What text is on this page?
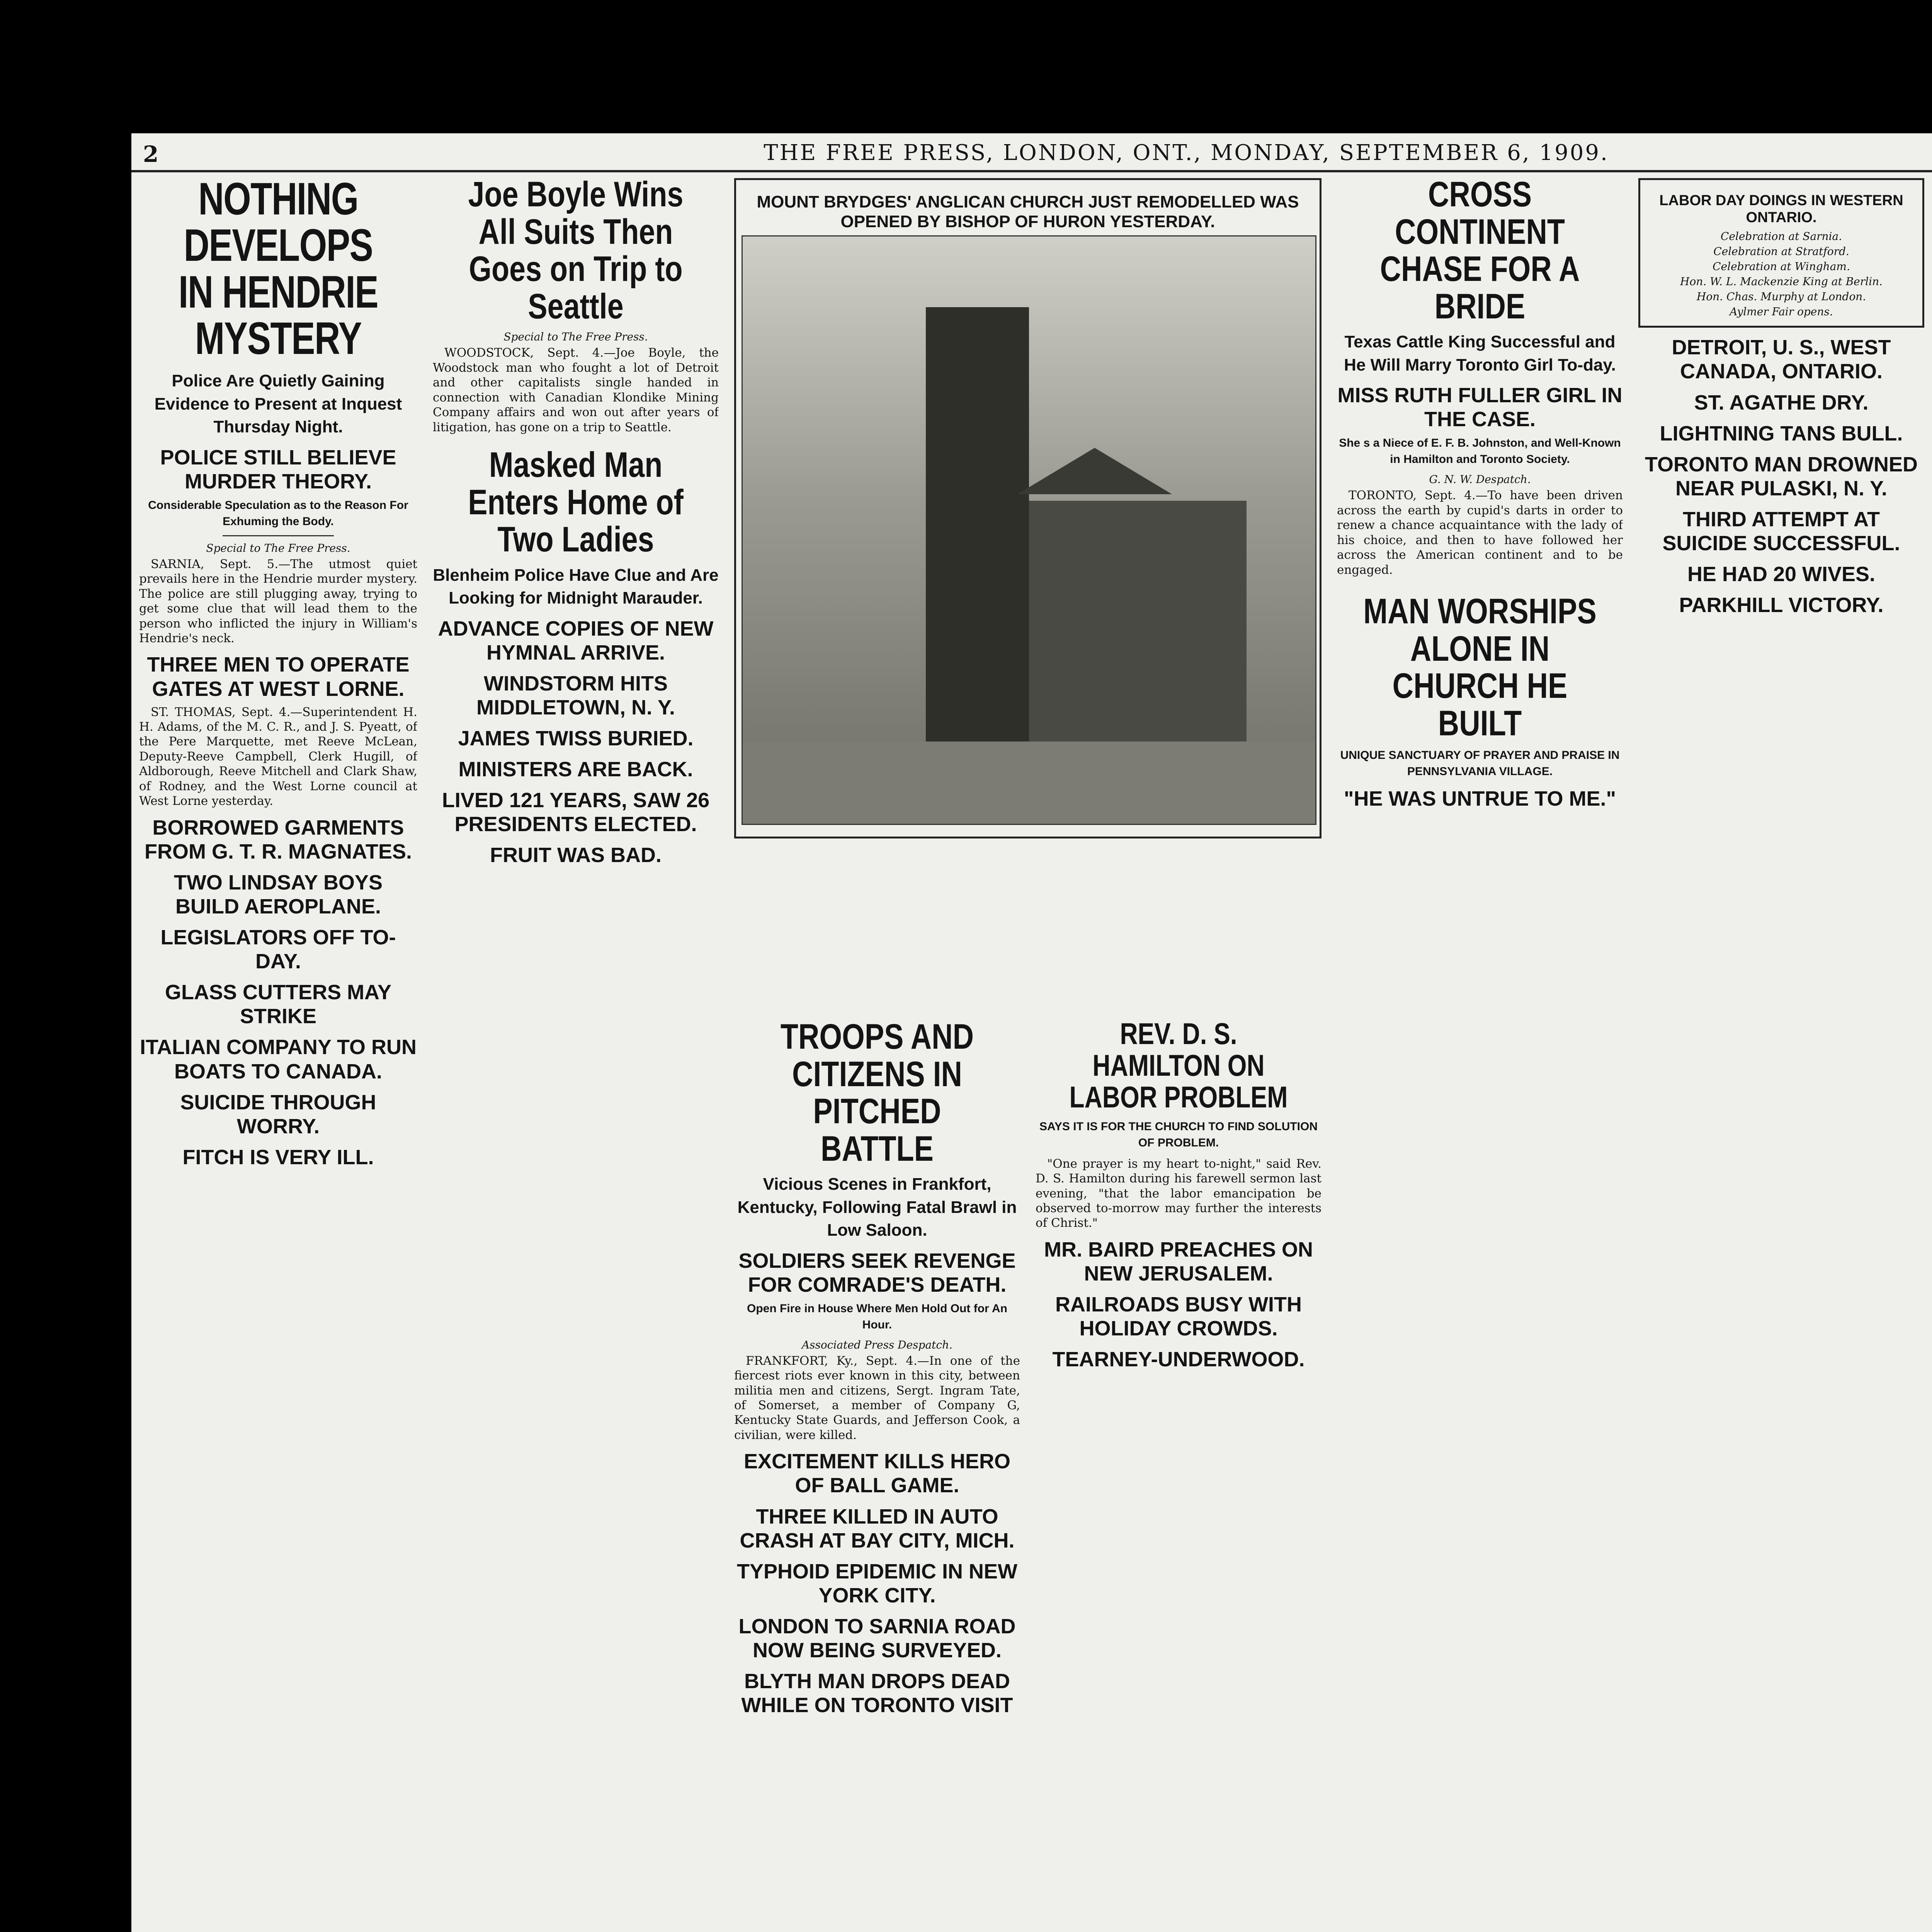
2	THE FREE PRESS, LONDON, ONT., MONDAY, SEPTEMBER 6, 1909.
NOTHING DEVELOPS IN HENDRIE MYSTERY
Police Are Quietly Gaining Evidence to Present at Inquest Thursday Night.
POLICE STILL BELIEVE MURDER THEORY.
Considerable Speculation as to the Reason For Exhuming the Body.
Special to The Free Press.

SARNIA, Sept. 5.—The utmost quiet prevails here in the Hendrie murder mystery. The police are still plugging away, trying to get some clue that will lead them to the person who inflicted the injury in William's Hendrie's neck.

THREE MEN TO OPERATE GATES AT WEST LORNE.

ST. THOMAS, Sept. 4.—Superintendent H. H. Adams, of the M. C. R., and J. S. Pyeatt, of the Pere Marquette, met Reeve McLean, Deputy-Reeve Campbell, Clerk Hugill, of Aldborough, Reeve Mitchell and Clark Shaw, of Rodney, and the West Lorne council at West Lorne yesterday.

BORROWED GARMENTS FROM G. T. R. MAGNATES.
TWO LINDSAY BOYS BUILD AEROPLANE.
LEGISLATORS OFF TO-DAY.
GLASS CUTTERS MAY STRIKE
ITALIAN COMPANY TO RUN BOATS TO CANADA.
SUICIDE THROUGH WORRY.
FITCH IS VERY ILL.
Joe Boyle Wins All Suits Then Goes on Trip to Seattle
Special to The Free Press.

WOODSTOCK, Sept. 4.—Joe Boyle, the Woodstock man who fought a lot of Detroit and other capitalists single handed in connection with Canadian Klondike Mining Company affairs and won out after years of litigation, has gone on a trip to Seattle.

Masked Man Enters Home of Two Ladies
Blenheim Police Have Clue and Are Looking for Midnight Marauder.
ADVANCE COPIES OF NEW HYMNAL ARRIVE.
WINDSTORM HITS MIDDLETOWN, N. Y.
JAMES TWISS BURIED.
MINISTERS ARE BACK.
LIVED 121 YEARS, SAW 26 PRESIDENTS ELECTED.
FRUIT WAS BAD.
MOUNT BRYDGES' ANGLICAN CHURCH JUST REMODELLED WAS OPENED BY BISHOP OF HURON YESTERDAY.
TROOPS AND CITIZENS IN PITCHED BATTLE
Vicious Scenes in Frankfort, Kentucky, Following Fatal Brawl in Low Saloon.
SOLDIERS SEEK REVENGE FOR COMRADE'S DEATH.
Open Fire in House Where Men Hold Out for An Hour.
Associated Press Despatch.

FRANKFORT, Ky., Sept. 4.—In one of the fiercest riots ever known in this city, between militia men and citizens, Sergt. Ingram Tate, of Somerset, a member of Company G, Kentucky State Guards, and Jefferson Cook, a civilian, were killed.

EXCITEMENT KILLS HERO OF BALL GAME.
THREE KILLED IN AUTO CRASH AT BAY CITY, MICH.
TYPHOID EPIDEMIC IN NEW YORK CITY.
LONDON TO SARNIA ROAD NOW BEING SURVEYED.
BLYTH MAN DROPS DEAD WHILE ON TORONTO VISIT
REV. D. S. HAMILTON ON LABOR PROBLEM
SAYS IT IS FOR THE CHURCH TO FIND SOLUTION OF PROBLEM.

"One prayer is my heart to-night," said Rev. D. S. Hamilton during his farewell sermon last evening, "that the labor emancipation be observed to-morrow may further the interests of Christ."

MR. BAIRD PREACHES ON NEW JERUSALEM.
RAILROADS BUSY WITH HOLIDAY CROWDS.
TEARNEY-UNDERWOOD.
CROSS CONTINENT CHASE FOR A BRIDE
Texas Cattle King Successful and He Will Marry Toronto Girl To-day.
MISS RUTH FULLER GIRL IN THE CASE.
She s a Niece of E. F. B. Johnston, and Well-Known in Hamilton and Toronto Society.
G. N. W. Despatch.

TORONTO, Sept. 4.—To have been driven across the earth by cupid's darts in order to renew a chance acquaintance with the lady of his choice, and then to have followed her across the American continent and to be engaged.

MAN WORSHIPS ALONE IN CHURCH HE BUILT
UNIQUE SANCTUARY OF PRAYER AND PRAISE IN PENNSYLVANIA VILLAGE.
"HE WAS UNTRUE TO ME."
LABOR DAY DOINGS IN WESTERN ONTARIO.
Celebration at Sarnia.
Celebration at Stratford.
Celebration at Wingham.
Hon. W. L. Mackenzie King at Berlin.
Hon. Chas. Murphy at London.
Aylmer Fair opens.
DETROIT, U. S., WEST CANADA, ONTARIO.
ST. AGATHE DRY.
LIGHTNING TANS BULL.
TORONTO MAN DROWNED NEAR PULASKI, N. Y.
THIRD ATTEMPT AT SUICIDE SUCCESSFUL.
HE HAD 20 WIVES.
PARKHILL VICTORY.
